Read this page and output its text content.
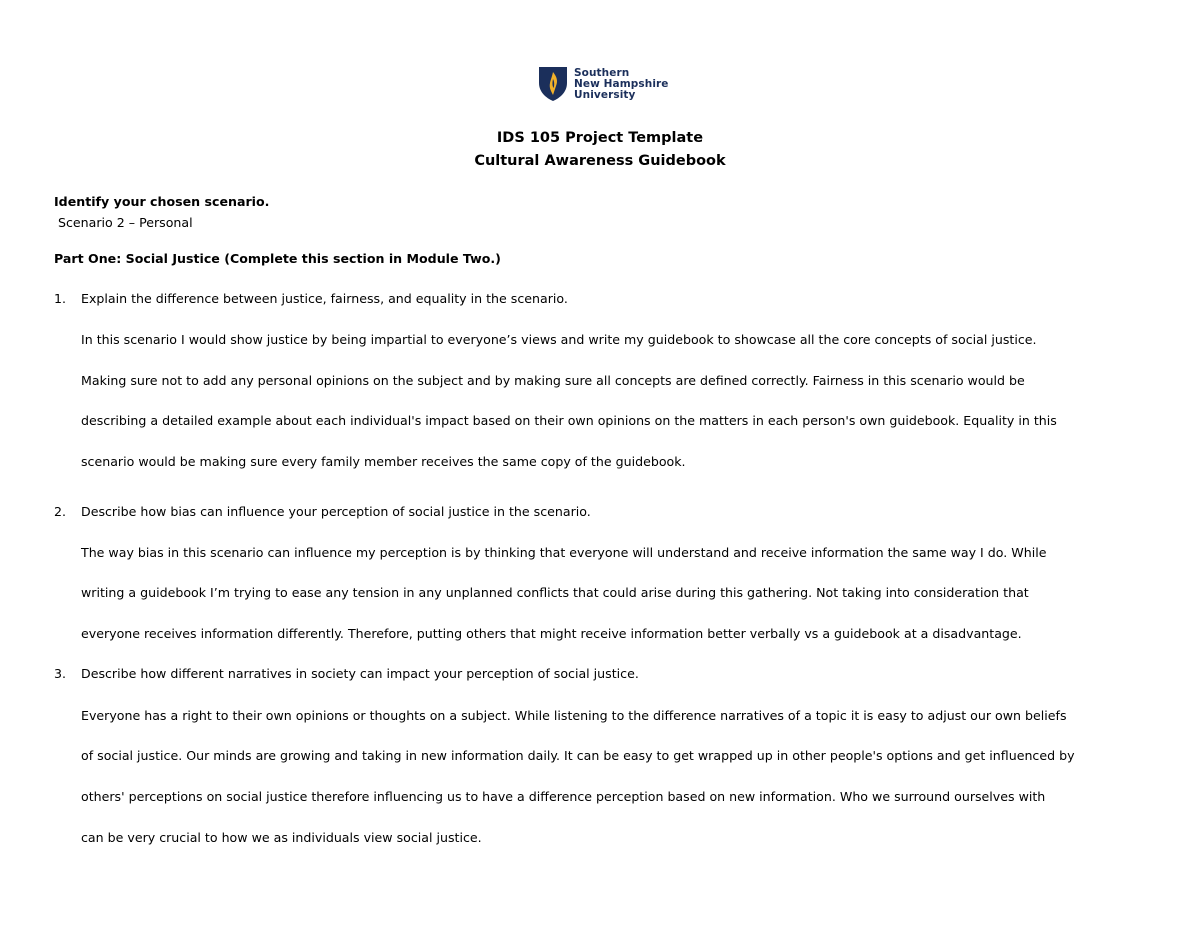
Southern
New Hampshire
University
IDS 105 Project Template
Cultural Awareness Guidebook
Identify your chosen scenario.
Scenario 2 – Personal
Part One: Social Justice (Complete this section in Module Two.)
1. Explain the difference between justice, fairness, and equality in the scenario.
In this scenario I would show justice by being impartial to everyone’s views and write my guidebook to showcase all the core concepts of social justice.
Making sure not to add any personal opinions on the subject and by making sure all concepts are defined correctly. Fairness in this scenario would be
describing a detailed example about each individual's impact based on their own opinions on the matters in each person's own guidebook. Equality in this
scenario would be making sure every family member receives the same copy of the guidebook.
2. Describe how bias can influence your perception of social justice in the scenario.
The way bias in this scenario can influence my perception is by thinking that everyone will understand and receive information the same way I do. While
writing a guidebook I’m trying to ease any tension in any unplanned conflicts that could arise during this gathering. Not taking into consideration that
everyone receives information differently. Therefore, putting others that might receive information better verbally vs a guidebook at a disadvantage.
3. Describe how different narratives in society can impact your perception of social justice.
Everyone has a right to their own opinions or thoughts on a subject. While listening to the difference narratives of a topic it is easy to adjust our own beliefs
of social justice. Our minds are growing and taking in new information daily. It can be easy to get wrapped up in other people's options and get influenced by
others' perceptions on social justice therefore influencing us to have a difference perception based on new information. Who we surround ourselves with
can be very crucial to how we as individuals view social justice.
